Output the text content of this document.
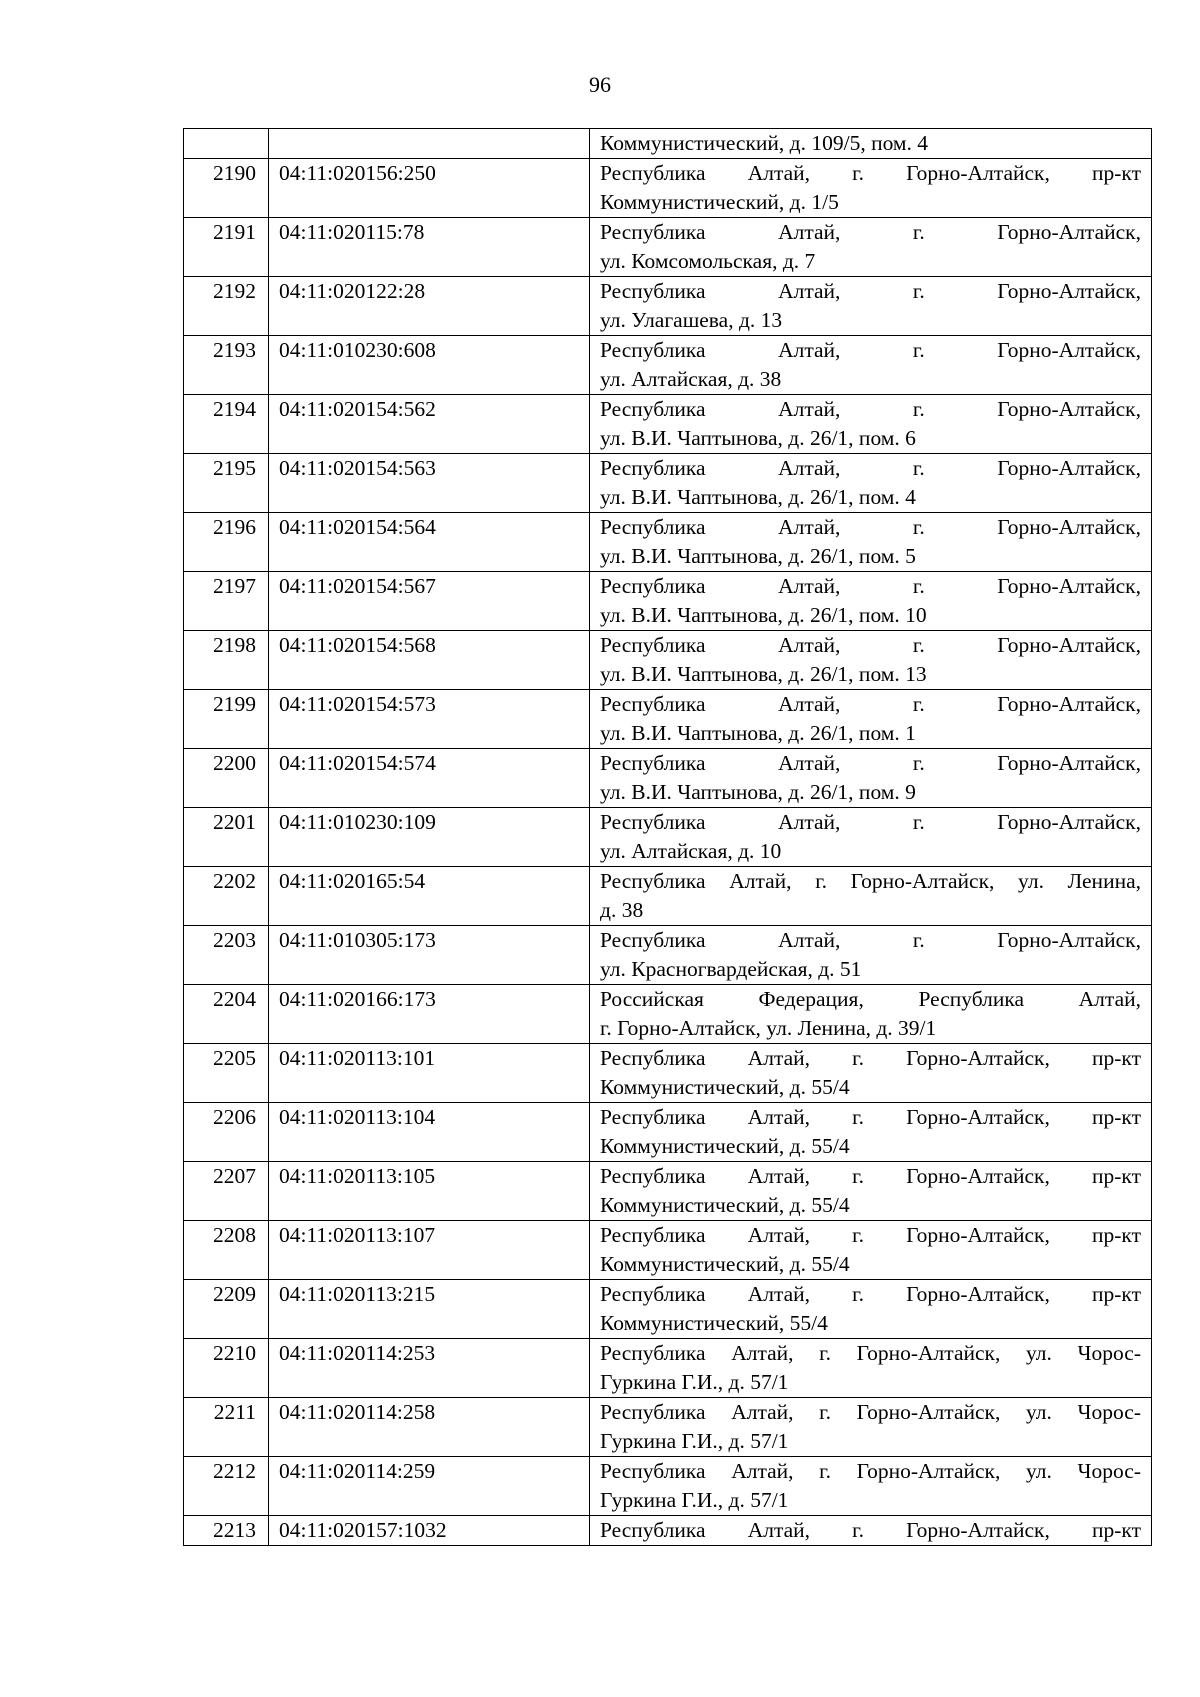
96

		Коммунистический, д. 109/5, пом. 4

2190	04:11:020156:250	Республика Алтай, г. Горно-Алтайск, пр-кт
Коммунистический, д. 1/5

2191	04:11:020115:78	Республика Алтай, г. Горно-Алтайск,
ул. Комсомольская, д. 7

2192	04:11:020122:28	Республика Алтай, г. Горно-Алтайск,
ул. Улагашева, д. 13

2193	04:11:010230:608	Республика Алтай, г. Горно-Алтайск,
ул. Алтайская, д. 38

2194	04:11:020154:562	Республика Алтай, г. Горно-Алтайск,
ул. В.И. Чаптынова, д. 26/1, пом. 6

2195	04:11:020154:563	Республика Алтай, г. Горно-Алтайск,
ул. В.И. Чаптынова, д. 26/1, пом. 4

2196	04:11:020154:564	Республика Алтай, г. Горно-Алтайск,
ул. В.И. Чаптынова, д. 26/1, пом. 5

2197	04:11:020154:567	Республика Алтай, г. Горно-Алтайск,
ул. В.И. Чаптынова, д. 26/1, пом. 10

2198	04:11:020154:568	Республика Алтай, г. Горно-Алтайск,
ул. В.И. Чаптынова, д. 26/1, пом. 13

2199	04:11:020154:573	Республика Алтай, г. Горно-Алтайск,
ул. В.И. Чаптынова, д. 26/1, пом. 1

2200	04:11:020154:574	Республика Алтай, г. Горно-Алтайск,
ул. В.И. Чаптынова, д. 26/1, пом. 9

2201	04:11:010230:109	Республика Алтай, г. Горно-Алтайск,
ул. Алтайская, д. 10

2202	04:11:020165:54	Республика Алтай, г. Горно-Алтайск, ул. Ленина,
д. 38

2203	04:11:010305:173	Республика Алтай, г. Горно-Алтайск,
ул. Красногвардейская, д. 51

2204	04:11:020166:173	Российская Федерация, Республика Алтай,
г. Горно-Алтайск, ул. Ленина, д. 39/1

2205	04:11:020113:101	Республика Алтай, г. Горно-Алтайск, пр-кт
Коммунистический, д. 55/4

2206	04:11:020113:104	Республика Алтай, г. Горно-Алтайск, пр-кт
Коммунистический, д. 55/4

2207	04:11:020113:105	Республика Алтай, г. Горно-Алтайск, пр-кт
Коммунистический, д. 55/4

2208	04:11:020113:107	Республика Алтай, г. Горно-Алтайск, пр-кт
Коммунистический, д. 55/4

2209	04:11:020113:215	Республика Алтай, г. Горно-Алтайск, пр-кт
Коммунистический, 55/4

2210	04:11:020114:253	Республика Алтай, г. Горно-Алтайск, ул. Чорос-
Гуркина Г.И., д. 57/1

2211	04:11:020114:258	Республика Алтай, г. Горно-Алтайск, ул. Чорос-
Гуркина Г.И., д. 57/1

2212	04:11:020114:259	Республика Алтай, г. Горно-Алтайск, ул. Чорос-
Гуркина Г.И., д. 57/1

2213	04:11:020157:1032	Республика Алтай, г. Горно-Алтайск, пр-кт
